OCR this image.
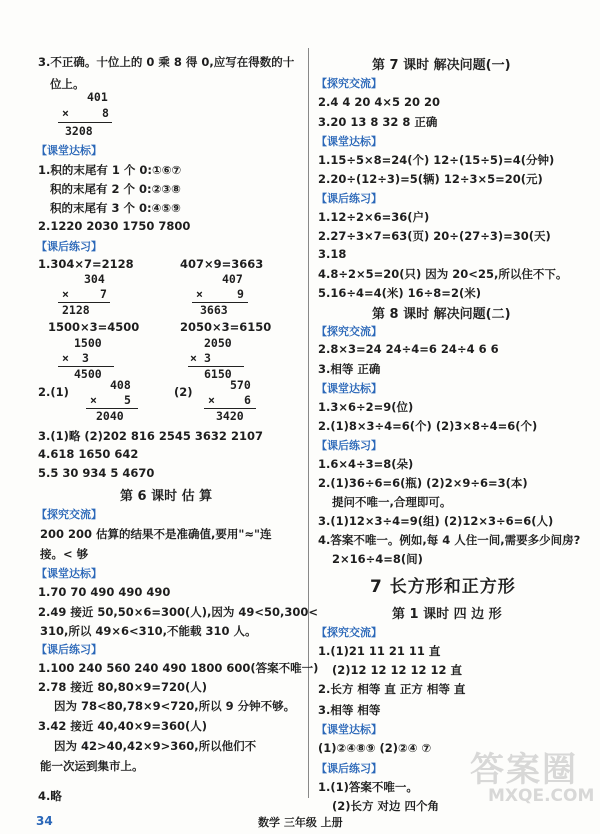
3.不正确。十位上的 0 乘 8 得 0,应写在得数的十
位上。
401
×	8
3208
【课堂达标】
1.积的末尾有 1 个 0:①⑥⑦
积的末尾有 2 个 0:②③⑧
积的末尾有 3 个 0:④⑤⑨
2.1220 2030 1750 7800
【课后练习】
1.304×7=2128	407×9=3663
304
×	7
2128
407
×	9
3663
1500×3=4500	2050×3=6150
1500
× 3
4500
2050
× 3
6150
2.(1)	(2)
408
× 5
2040
570
×	6
3420
3.(1)略 (2)202 816 2545 3632 2107
4.618 1650 642
5.5 30 934 5 4670
第 6 课时 估 算
【探究交流】
200 200 估算的结果不是准确值,要用"≈"连
接。< 够
【课堂达标】
1.70 70 490 490 490
2.49 接近 50,50×6=300(人),因为 49<50,300<
310,所以 49×6<310,不能载 310 人。
【课后练习】
1.100 240 560 240 490 1800 600(答案不唯一)
2.78 接近 80,80×9=720(人)
因为 78<80,78×9<720,所以 9 分钟不够。
3.42 接近 40,40×9=360(人)
因为 42>40,42×9>360,所以他们不
能一次运到集市上。
4.略
第 7 课时 解决问题(一)
【探究交流】
2.4 4 20 4×5 20 20
3.20 13 8 32 8 正确
【课堂达标】
1.15÷5×8=24(个) 12÷(15÷5)=4(分钟)
2.20÷(12÷3)=5(辆) 12÷3×5=20(元)
【课后练习】
1.12÷2×6=36(户)
2.27÷3×7=63(页) 20÷(27÷3)=30(天)
3.18
4.8÷2×5=20(只) 因为 20<25,所以住不下。
5.16÷4=4(米) 16÷8=2(米)
第 8 课时 解决问题(二)
【探究交流】
2.8×3=24 24÷4=6 24÷4 6 6
3.相等 正确
【课堂达标】
1.3×6÷2=9(位)
2.(1)8×3÷4=6(个) (2)3×8÷4=6(个)
【课后练习】
1.6×4÷3=8(朵)
2.(1)36÷6=6(瓶) (2)2×9÷6=3(本)
提问不唯一,合理即可。
3.(1)12×3÷4=9(组) (2)12×3÷6=6(人)
4.答案不唯一。例如,每 4 人住一间,需要多少间房?
2×16÷4=8(间)
7 长方形和正方形
第 1 课时 四 边 形
【探究交流】
1.(1)21 11 21 11 直
(2)12 12 12 12 12 直
2.长方 相等 直 正方 相等 直
3.相等 相等
【课堂达标】
(1)②④⑧⑨ (2)②④ ⑦
【课后练习】
1.(1)答案不唯一。
(2)长方 对边 四个角
答案圈
MXQE.COM
34	数学 三年级 上册
